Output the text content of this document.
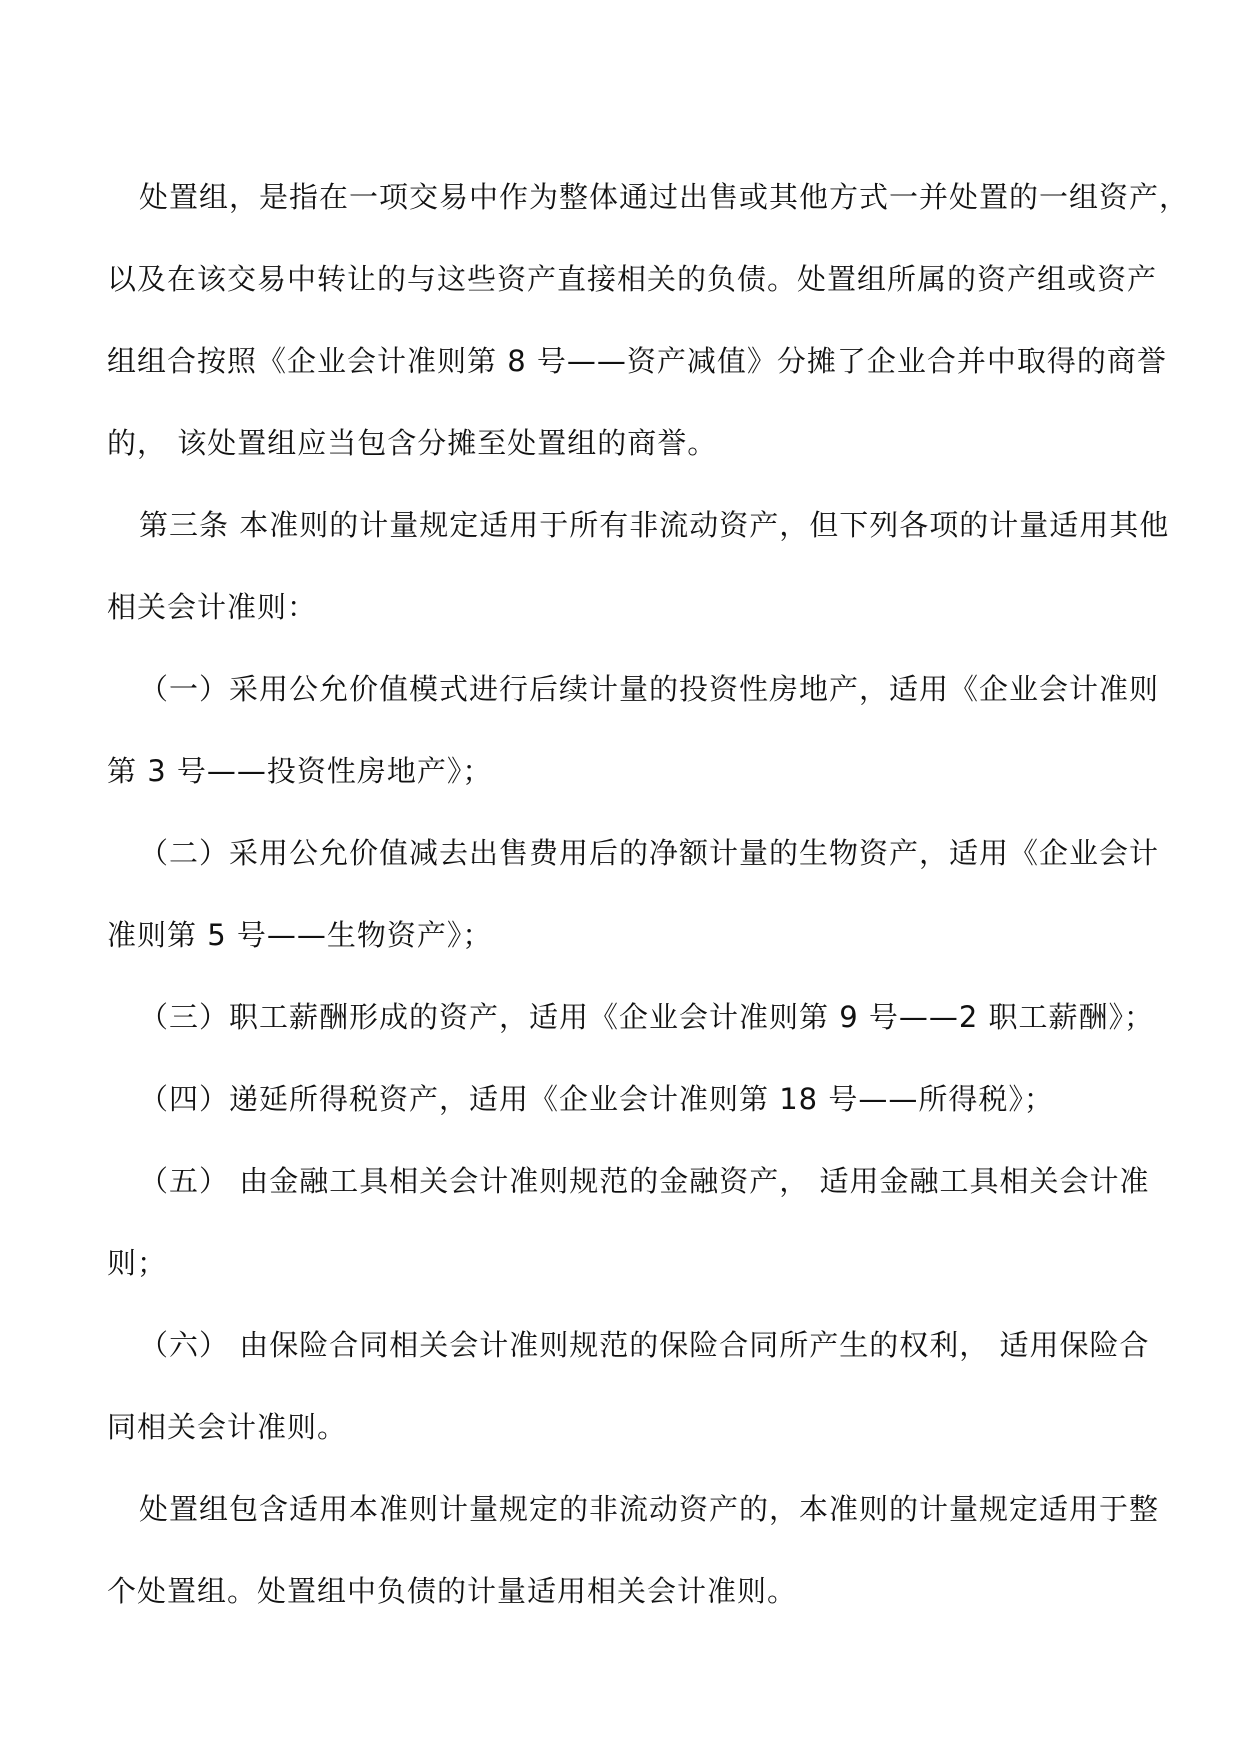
处置组，是指在一项交易中作为整体通过出售或其他方式一并处置的一组资产，
以及在该交易中转让的与这些资产直接相关的负债。处置组所属的资产组或资产
组组合按照《企业会计准则第 8 号——资产减值》分摊了企业合并中取得的商誉
的， 该处置组应当包含分摊至处置组的商誉。
第三条 本准则的计量规定适用于所有非流动资产，但下列各项的计量适用其他
相关会计准则：
（一）采用公允价值模式进行后续计量的投资性房地产，适用《企业会计准则
第 3 号——投资性房地产》；
（二）采用公允价值减去出售费用后的净额计量的生物资产，适用《企业会计
准则第 5 号——生物资产》；
（三）职工薪酬形成的资产，适用《企业会计准则第 9 号——2 职工薪酬》；
（四）递延所得税资产，适用《企业会计准则第 18 号——所得税》；
（五） 由金融工具相关会计准则规范的金融资产， 适用金融工具相关会计准
则；
（六） 由保险合同相关会计准则规范的保险合同所产生的权利， 适用保险合
同相关会计准则。
处置组包含适用本准则计量规定的非流动资产的，本准则的计量规定适用于整
个处置组。处置组中负债的计量适用相关会计准则。
